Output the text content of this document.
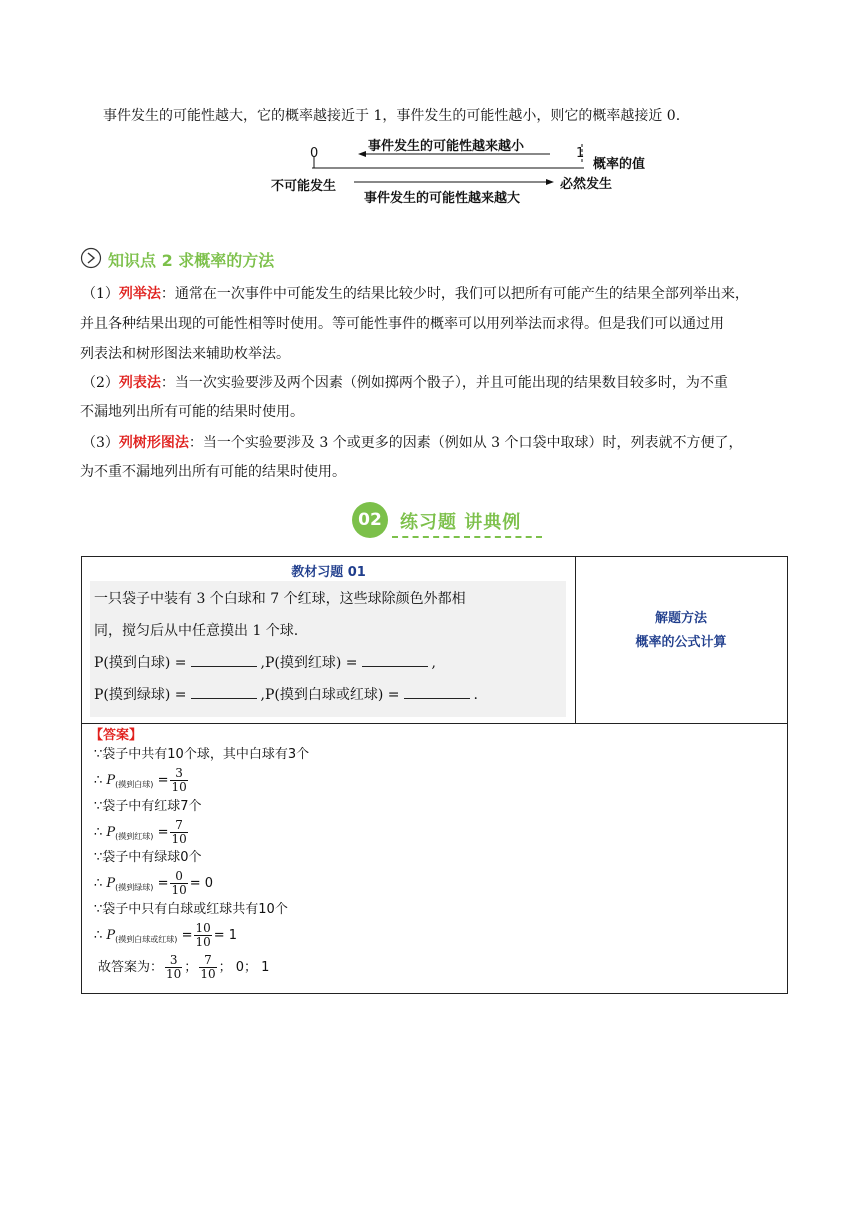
事件发生的可能性越大，它的概率越接近于 1，事件发生的可能性越小，则它的概率越接近 0.
0	1
事件发生的可能性越来越小
概率的值
不可能发生	必然发生
事件发生的可能性越来越大
知识点 2 求概率的方法
（1）列举法：通常在一次事件中可能发生的结果比较少时，我们可以把所有可能产生的结果全部列举出来，
并且各种结果出现的可能性相等时使用。等可能性事件的概率可以用列举法而求得。但是我们可以通过用
列表法和树形图法来辅助枚举法。
（2）列表法：当一次实验要涉及两个因素（例如掷两个骰子），并且可能出现的结果数目较多时，为不重
不漏地列出所有可能的结果时使用。
（3）列树形图法：当一个实验要涉及 3 个或更多的因素（例如从 3 个口袋中取球）时，列表就不方便了，
为不重不漏地列出所有可能的结果时使用。
02	练习题 讲典例
教材习题 01
一只袋子中装有 3 个白球和 7 个红球，这些球除颜色外都相
同，搅匀后从中任意摸出 1 个球.
P(摸到白球) =	,P(摸到红球) =	,
P(摸到绿球) =	,P(摸到白球或红球) =	.
解题方法
概率的公式计算
【答案】
∵袋子中共有10个球，其中白球有3个
∴ $P_{(摸到白球)} = \frac{3}{10}$
∵袋子中有红球7个
∴ $P_{(摸到红球)} = \frac{7}{10}$
∵袋子中有绿球0个
∴ $P_{(摸到绿球)} = \frac{0}{10} = 0$
∵袋子中只有白球或红球共有10个
∴ $P_{(摸到白球或红球)} = \frac{10}{10} = 1$
故答案为： $\frac{3}{10}$ ； $\frac{7}{10}$ ； 0； 1
